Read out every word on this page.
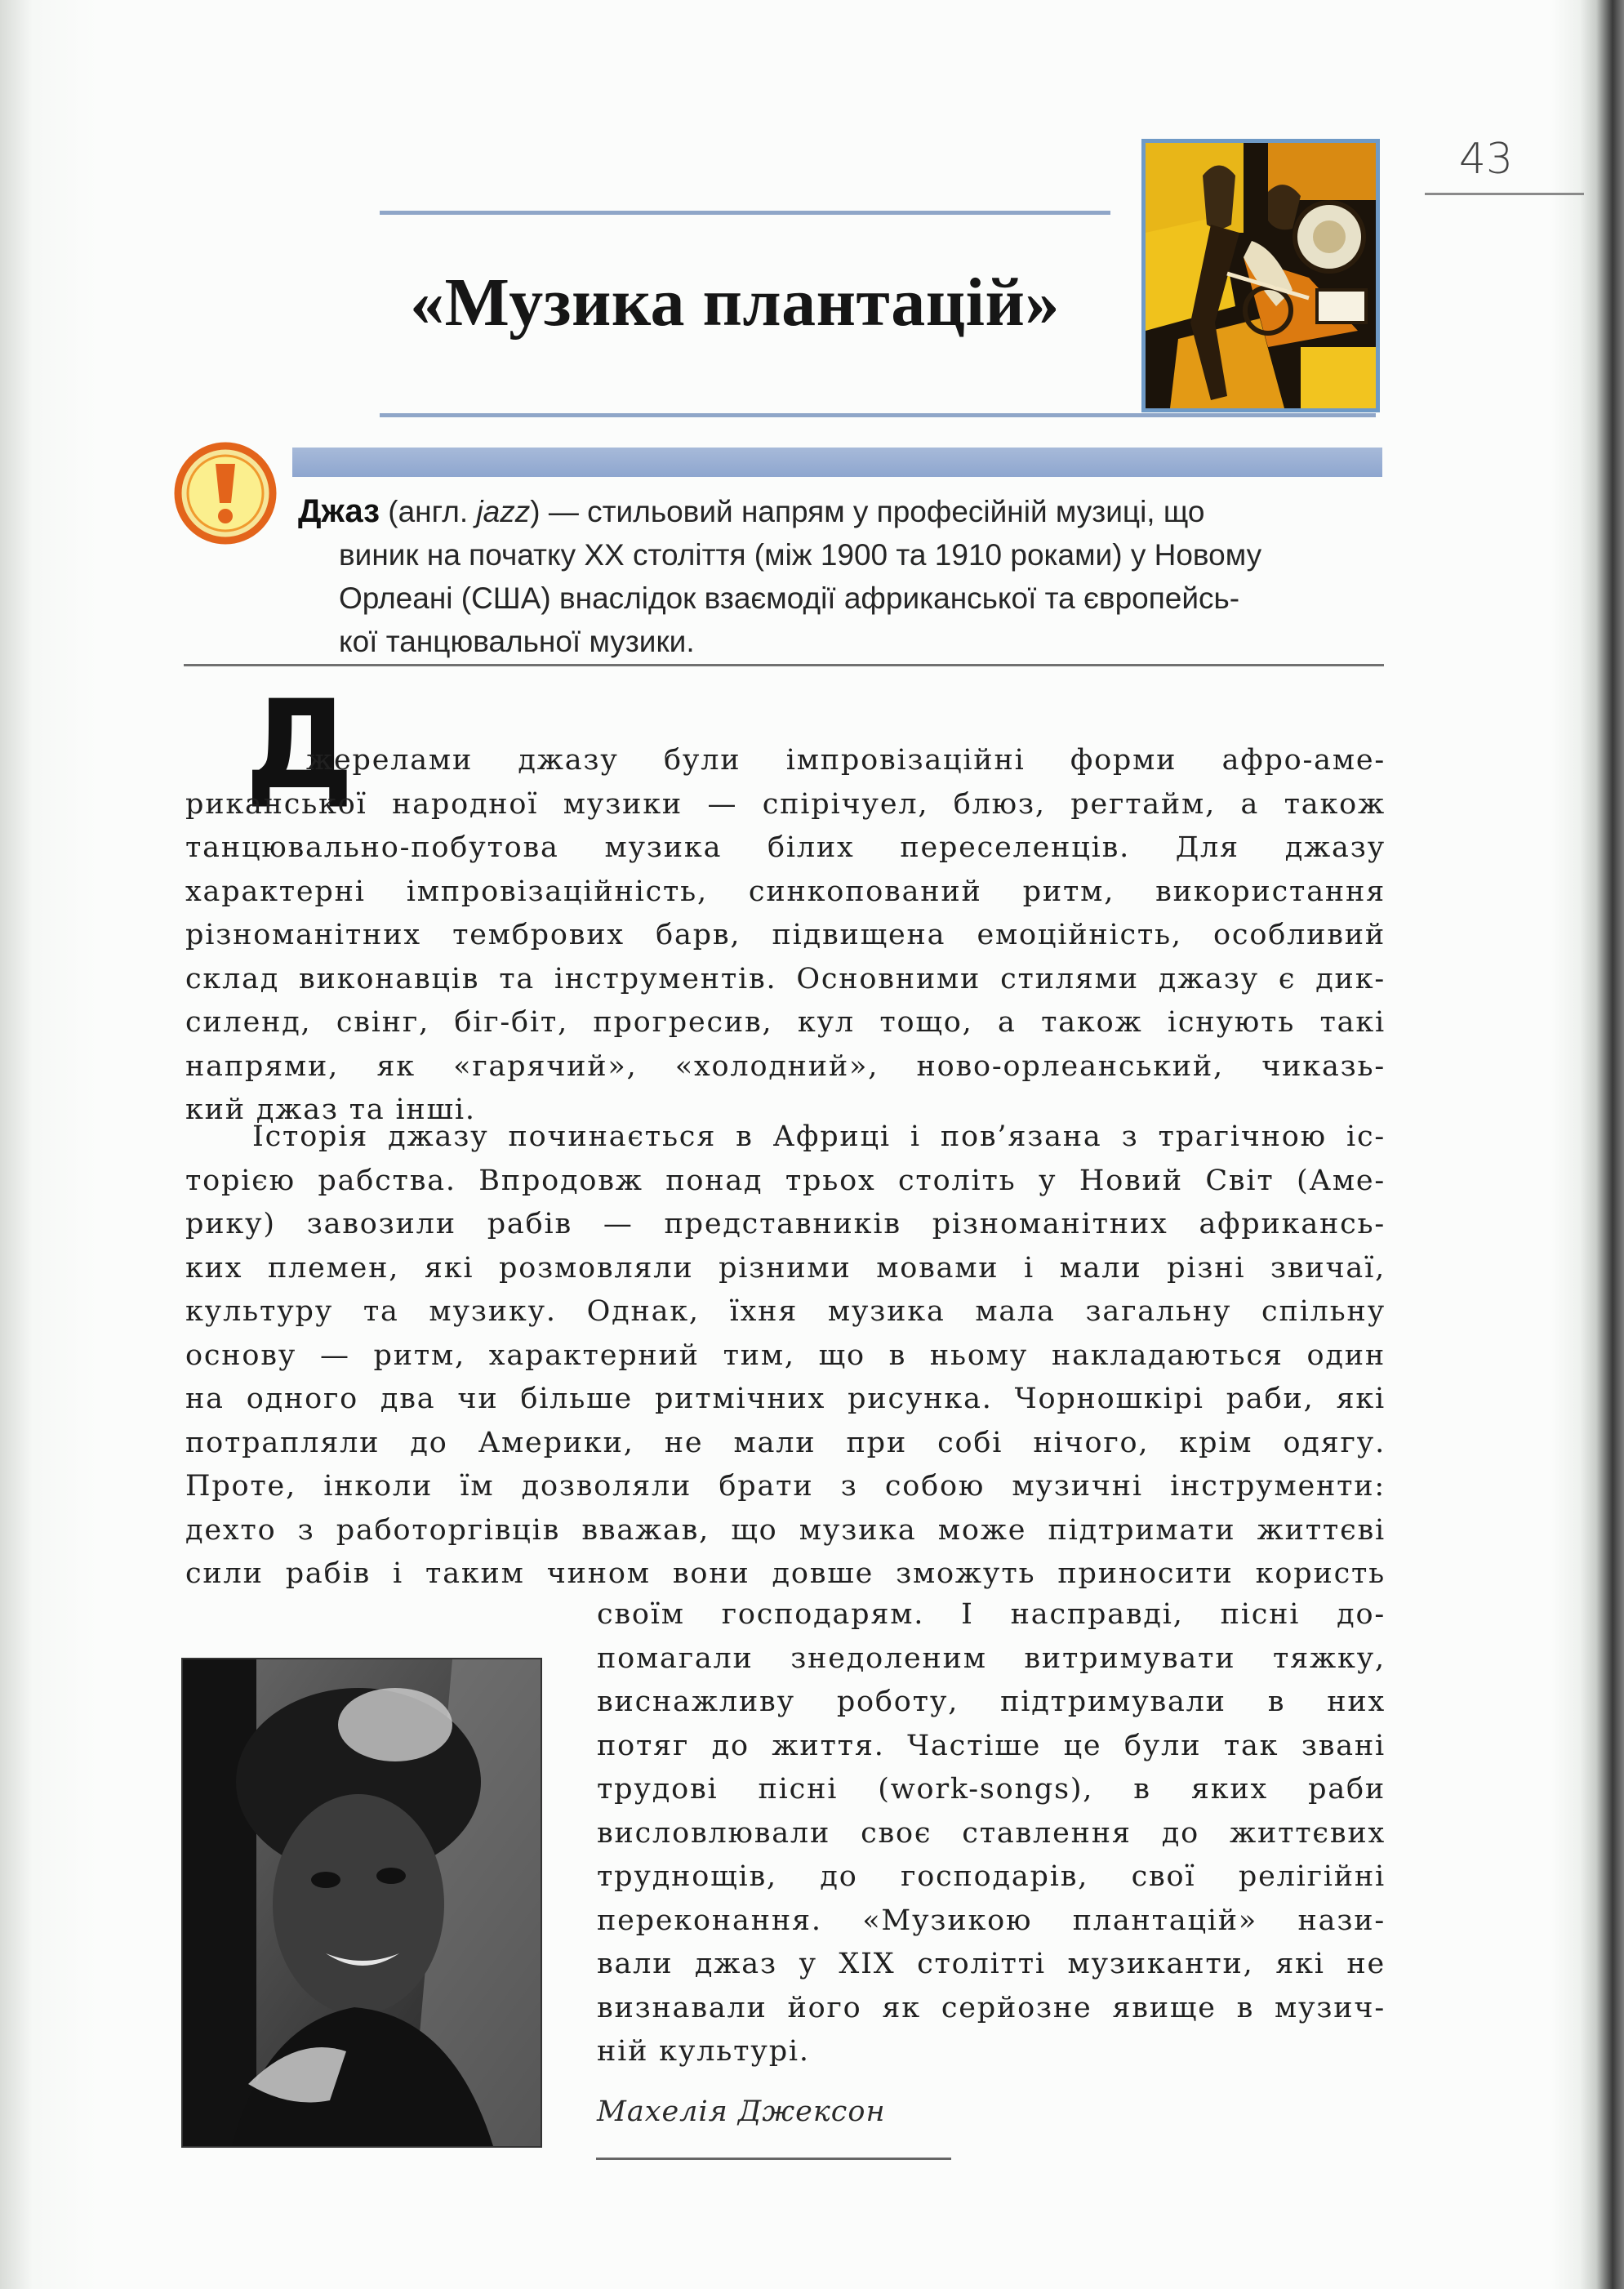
43
«Музика плантацій»
Джаз (англ. jazz) — стильовий напрям у професійній музиці, що
виник на початку ХХ століття (між 1900 та 1910 роками) у Новому
Орлеані (США) внаслідок взаємодії африканської та європейсь-
кої танцювальної музики.
Д
жерелами джазу були імпровізаційні форми афро-аме-
риканської народної музики — спірічуел, блюз, регтайм, а також
танцювально-побутова музика білих переселенців. Для джазу
характерні імпровізаційність, синкопований ритм, використання
різноманітних тембрових барв, підвищена емоційність, особливий
склад виконавців та інструментів. Основними стилями джазу є дик-
силенд, свінг, біг-біт, прогресив, кул тощо, а також існують такі
напрями, як «гарячий», «холодний», ново-орлеанський, чиказь-
кий джаз та інші.
Історія джазу починається в Африці і пов’язана з трагічною іс-
торією рабства. Впродовж понад трьох століть у Новий Світ (Аме-
рику) завозили рабів — представників різноманітних африкансь-
ких племен, які розмовляли різними мовами і мали різні звичаї,
культуру та музику. Однак, їхня музика мала загальну спільну
основу — ритм, характерний тим, що в ньому накладаються один
на одного два чи більше ритмічних рисунка. Чорношкірі раби, які
потрапляли до Америки, не мали при собі нічого, крім одягу.
Проте, інколи їм дозволяли брати з собою музичні інструменти:
дехто з работоргівців вважав, що музика може підтримати життєві
сили рабів і таким чином вони довше зможуть приносити користь
своїм господарям. І насправді, пісні до-
помагали знедоленим витримувати тяжку,
виснажливу роботу, підтримували в них
потяг до життя. Частіше це були так звані
трудові пісні (work-songs), в яких раби
висловлювали своє ставлення до життєвих
труднощів, до господарів, свої релігійні
переконання. «Музикою плантацій» нази-
вали джаз у XIX столітті музиканти, які не
визнавали його як серйозне явище в музич-
ній культурі.
Махелія Джексон
